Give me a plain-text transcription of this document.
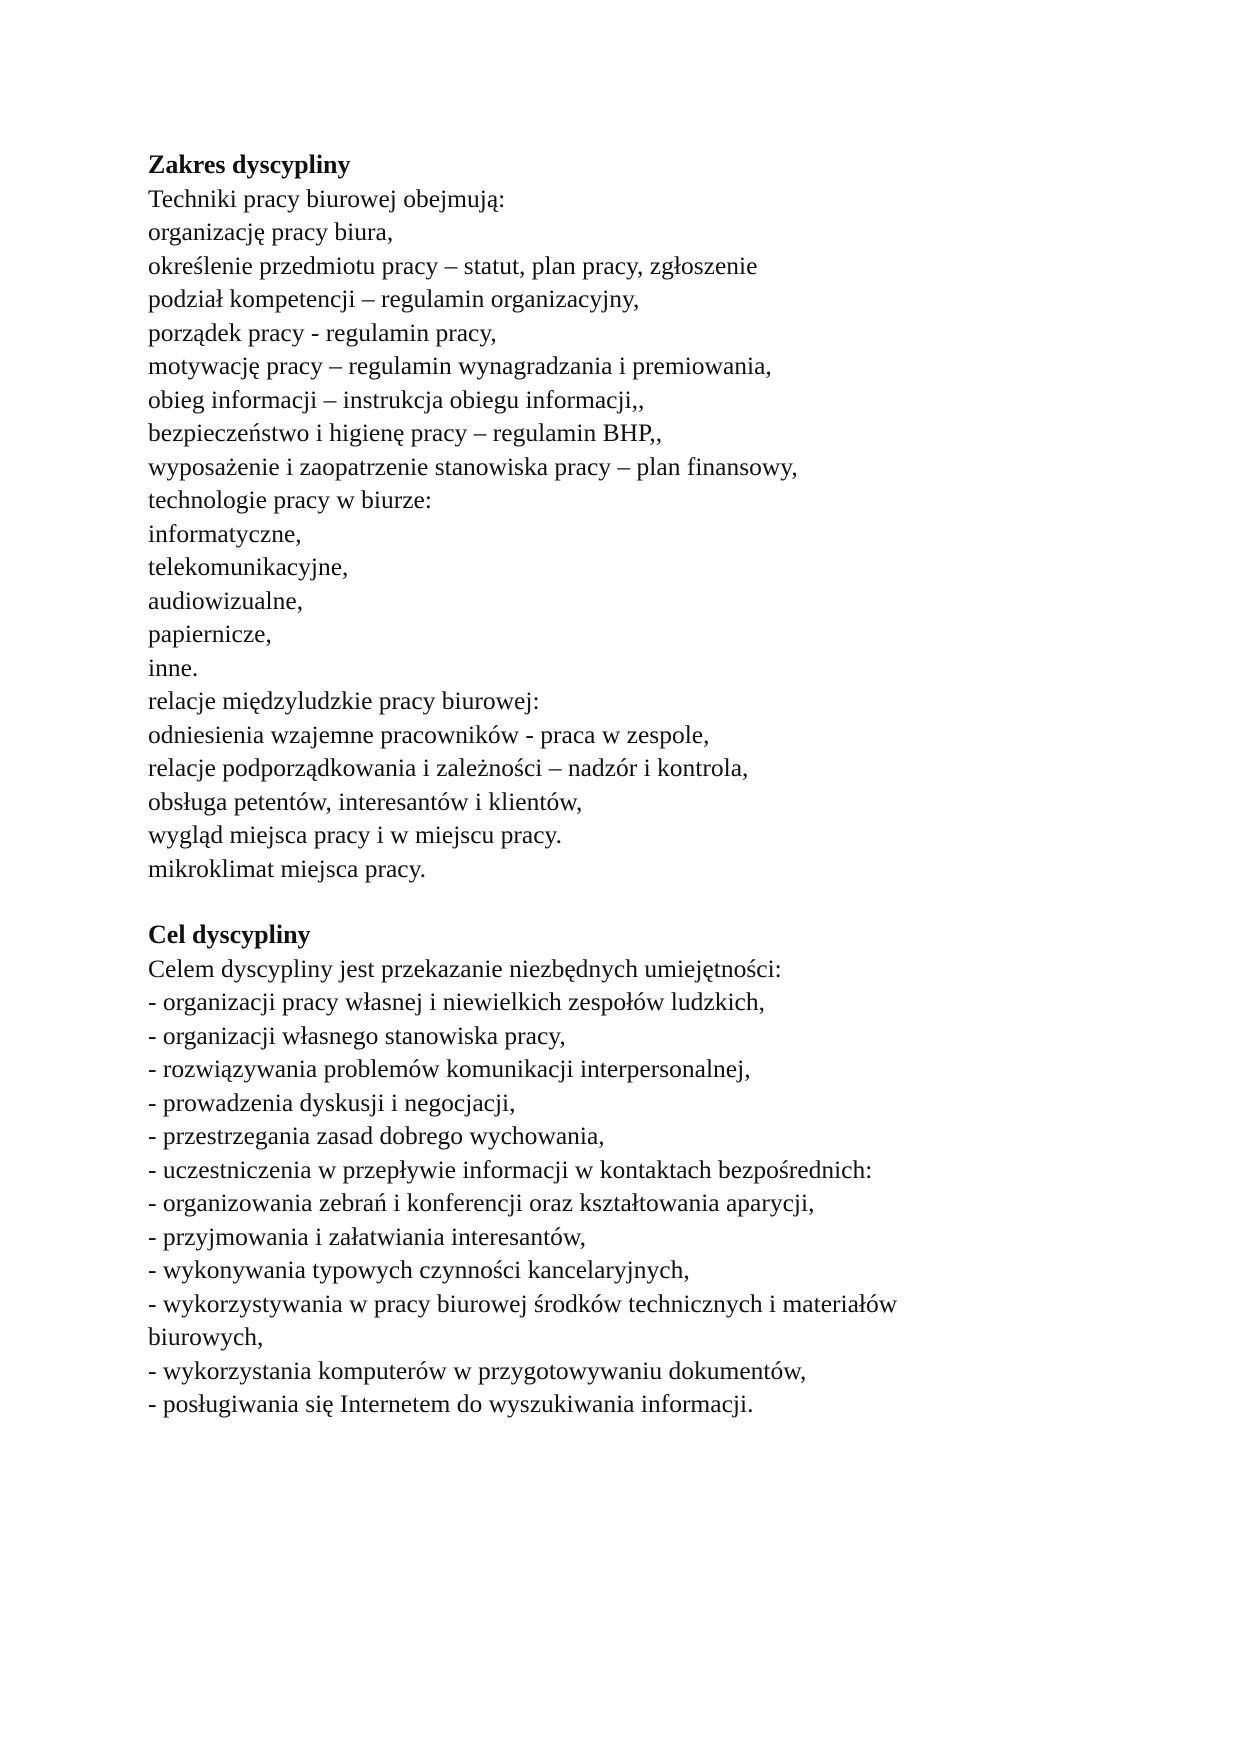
Zakres dyscypliny

Techniki pracy biurowej obejmują:

organizację pracy biura,

określenie przedmiotu pracy – statut, plan pracy, zgłoszenie

podział kompetencji – regulamin organizacyjny,

porządek pracy - regulamin pracy,

motywację pracy – regulamin wynagradzania i premiowania,

obieg informacji – instrukcja obiegu informacji,,

bezpieczeństwo i higienę pracy – regulamin BHP,,

wyposażenie i zaopatrzenie stanowiska pracy – plan finansowy,

technologie pracy w biurze:

informatyczne,

telekomunikacyjne,

audiowizualne,

papiernicze,

inne.

relacje międzyludzkie pracy biurowej:

odniesienia wzajemne pracowników - praca w zespole,

relacje podporządkowania i zależności – nadzór i kontrola,

obsługa petentów, interesantów i klientów,

wygląd miejsca pracy i w miejscu pracy.

mikroklimat miejsca pracy.

Cel dyscypliny

Celem dyscypliny jest przekazanie niezbędnych umiejętności:

- organizacji pracy własnej i niewielkich zespołów ludzkich,

- organizacji własnego stanowiska pracy,

- rozwiązywania problemów komunikacji interpersonalnej,

- prowadzenia dyskusji i negocjacji,

- przestrzegania zasad dobrego wychowania,

- uczestniczenia w przepływie informacji w kontaktach bezpośrednich:

- organizowania zebrań i konferencji oraz kształtowania aparycji,

- przyjmowania i załatwiania interesantów,

- wykonywania typowych czynności kancelaryjnych,

- wykorzystywania w pracy biurowej środków technicznych i materiałów

biurowych,

- wykorzystania komputerów w przygotowywaniu dokumentów,

- posługiwania się Internetem do wyszukiwania informacji.
